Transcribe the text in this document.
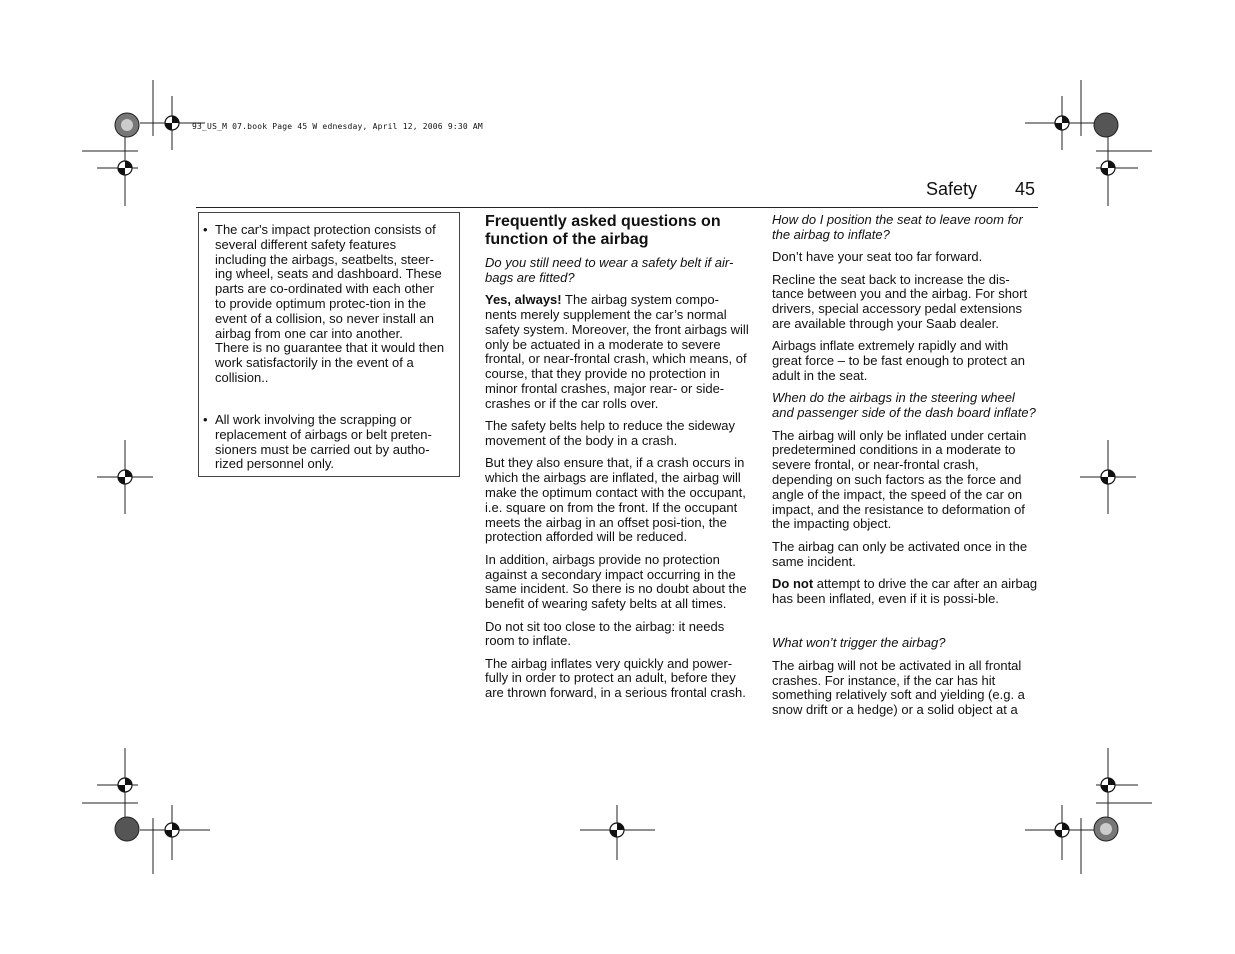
93_US_M 07.book Page 45 W ednesday, April 12, 2006 9:30 AM
Safety 45
• The car's impact protection consists of several different safety features including the airbags, seatbelts, steer-ing wheel, seats and dashboard. These parts are co-ordinated with each other to provide optimum protec-tion in the event of a collision, so never install an airbag from one car into another.

There is no guarantee that it would then work satisfactorily in the event of a collision..

• All work involving the scrapping or replacement of airbags or belt preten-sioners must be carried out by autho-rized personnel only.

Frequently asked questions on function of the airbag

Do you still need to wear a safety belt if air-bags are fitted?

Yes, always! The airbag system compo-nents merely supplement the car’s normal safety system. Moreover, the front airbags will only be actuated in a moderate to severe frontal, or near-frontal crash, which means, of course, that they provide no protection in minor frontal crashes, major rear- or side-crashes or if the car rolls over.

The safety belts help to reduce the sideway movement of the body in a crash.

But they also ensure that, if a crash occurs in which the airbags are inflated, the airbag will make the optimum contact with the occupant, i.e. square on from the front. If the occupant meets the airbag in an offset posi-tion, the protection afforded will be reduced.

In addition, airbags provide no protection against a secondary impact occurring in the same incident. So there is no doubt about the benefit of wearing safety belts at all times.

Do not sit too close to the airbag: it needs room to inflate.

The airbag inflates very quickly and power-fully in order to protect an adult, before they are thrown forward, in a serious frontal crash.

How do I position the seat to leave room for the airbag to inflate?

Don’t have your seat too far forward.

Recline the seat back to increase the dis-tance between you and the airbag. For short drivers, special accessory pedal extensions are available through your Saab dealer.

Airbags inflate extremely rapidly and with great force – to be fast enough to protect an adult in the seat.

When do the airbags in the steering wheel and passenger side of the dash board inflate?

The airbag will only be inflated under certain predetermined conditions in a moderate to severe frontal, or near-frontal crash, depending on such factors as the force and angle of the impact, the speed of the car on impact, and the resistance to deformation of the impacting object.

The airbag can only be activated once in the same incident.

Do not attempt to drive the car after an airbag has been inflated, even if it is possi-ble.

What won’t trigger the airbag?

The airbag will not be activated in all frontal crashes. For instance, if the car has hit something relatively soft and yielding (e.g. a snow drift or a hedge) or a solid object at a
